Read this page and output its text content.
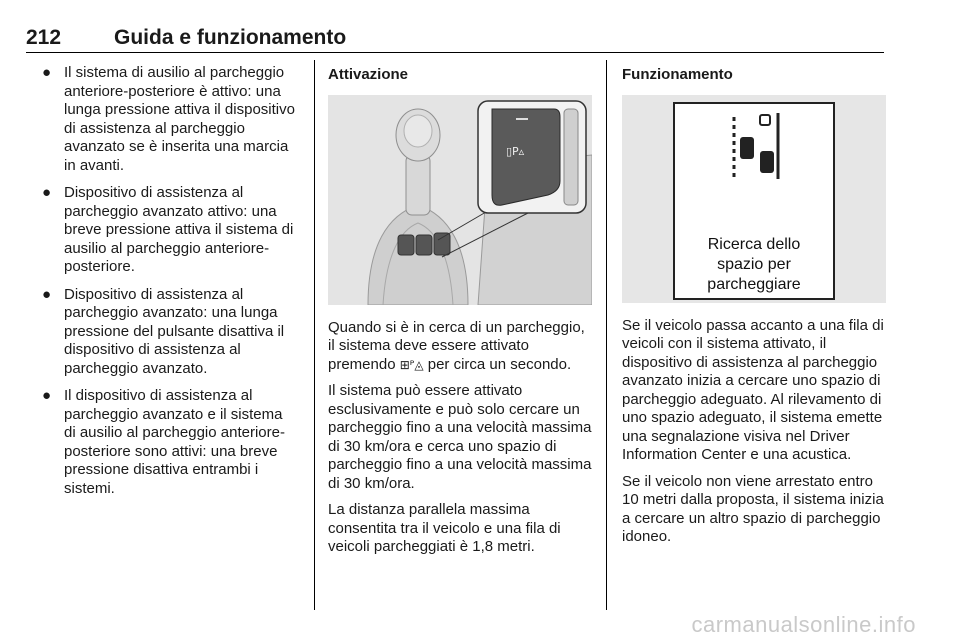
212	Guida e funzionamento
● Il sistema di ausilio al parcheggio anteriore-posteriore è attivo: una lunga pressione attiva il dispositivo di assistenza al parcheggio avanzato se è inserita una marcia in avanti.
● Dispositivo di assistenza al parcheggio avanzato attivo: una breve pressione attiva il sistema di ausilio al parcheggio anteriore-posteriore.
● Dispositivo di assistenza al parcheggio avanzato: una lunga pressione del pulsante disattiva il dispositivo di assistenza al parcheggio avanzato.
● Il dispositivo di assistenza al parcheggio avanzato e il sistema di ausilio al parcheggio anteriore-posteriore sono attivi: una breve pressione disattiva entrambi i sistemi.
Attivazione
▯P▵
Quando si è in cerca di un parcheggio, il sistema deve essere attivato premendo ⊞ᴾ◬ per circa un secondo.
Il sistema può essere attivato esclusivamente e può solo cercare un parcheggio fino a una velocità massima di 30 km/ora e cerca uno spazio di parcheggio fino a una velocità massima di 30 km/ora.
La distanza parallela massima consentita tra il veicolo e una fila di veicoli parcheggiati è 1,8 metri.
Funzionamento
Ricerca dello
spazio per
parcheggiare
Se il veicolo passa accanto a una fila di veicoli con il sistema attivato, il dispositivo di assistenza al parcheggio avanzato inizia a cercare uno spazio di parcheggio adeguato. Al rilevamento di uno spazio adeguato, il sistema emette una segnalazione visiva nel Driver Information Center e una acustica.
Se il veicolo non viene arrestato entro 10 metri dalla proposta, il sistema inizia a cercare un altro spazio di parcheggio idoneo.
carmanualsonline.info
